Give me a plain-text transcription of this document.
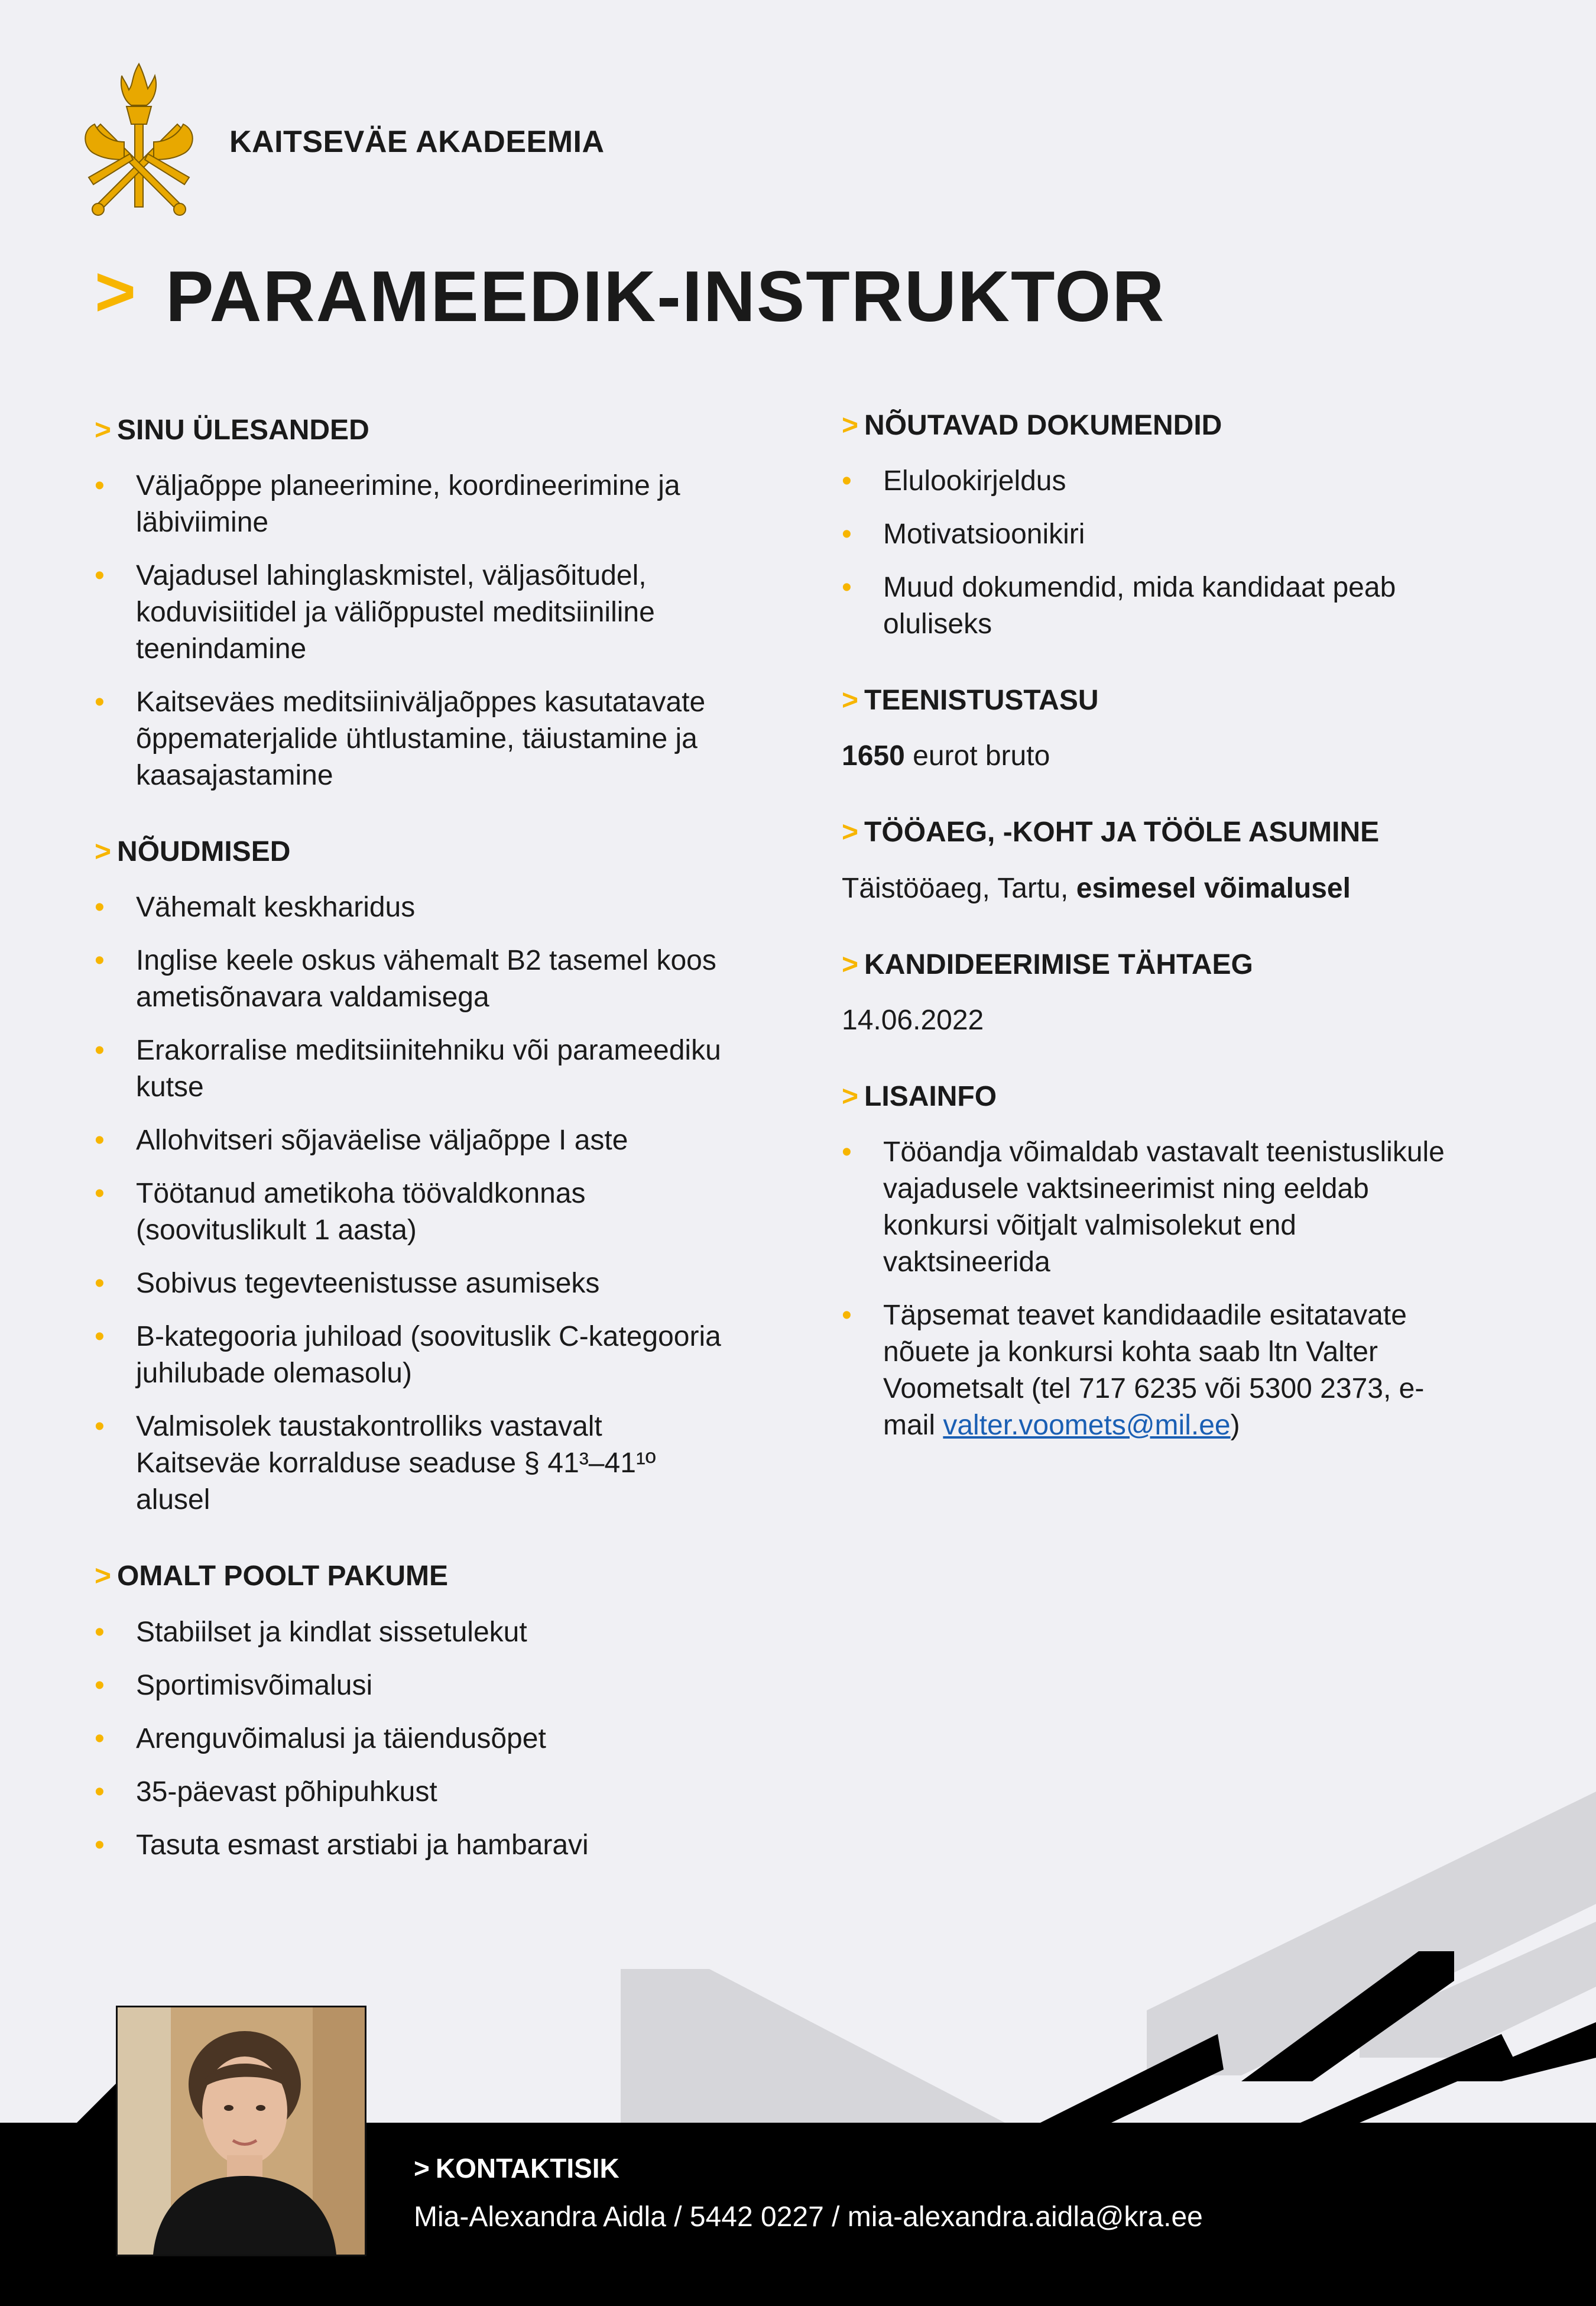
KAITSEVÄE AKADEEMIA
> PARAMEEDIK-INSTRUKTOR
> SINU ÜLESANDED
• Väljaõppe planeerimine, koordineerimine ja läbiviimine
• Vajadusel lahinglaskmistel, väljasõitudel, koduvisiitidel ja väliõppustel meditsiiniline teenindamine
• Kaitseväes meditsiiniväljaõppes kasutatavate õppematerjalide ühtlustamine, täiustamine ja kaasajastamine
> NÕUDMISED
• Vähemalt keskharidus
• Inglise keele oskus vähemalt B2 tasemel koos ametisõnavara valdamisega
• Erakorralise meditsiinitehniku või parameediku kutse
• Allohvitseri sõjaväelise väljaõppe I aste
• Töötanud ametikoha töövaldkonnas (soovituslikult 1 aasta)
• Sobivus tegevteenistusse asumiseks
• B-kategooria juhiload (soovituslik C-kategooria juhilubade olemasolu)
• Valmisolek taustakontrolliks vastavalt Kaitseväe korralduse seaduse § 41³–41¹º alusel
> OMALT POOLT PAKUME
• Stabiilset ja kindlat sissetulekut
• Sportimisvõimalusi
• Arenguvõimalusi ja täiendusõpet
• 35-päevast põhipuhkust
• Tasuta esmast arstiabi ja hambaravi
> NÕUTAVAD DOKUMENDID
• Elulookirjeldus
• Motivatsioonikiri
• Muud dokumendid, mida kandidaat peab oluliseks
> TEENISTUSTASU
1650 eurot bruto
> TÖÖAEG, -KOHT JA TÖÖLE ASUMINE
Täistööaeg, Tartu, esimesel võimalusel
> KANDIDEERIMISE TÄHTAEG
14.06.2022
> LISAINFO
• Tööandja võimaldab vastavalt teenistuslikule vajadusele vaktsineerimist ning eeldab konkursi võitjalt valmisolekut end vaktsineerida
• Täpsemat teavet kandidaadile esitatavate nõuete ja konkursi kohta saab ltn Valter Voometsalt (tel 717 6235 või 5300 2373, e-mail valter.voomets@mil.ee)
> KONTAKTISIK
Mia-Alexandra Aidla / 5442 0227 / mia-alexandra.aidla@kra.ee
